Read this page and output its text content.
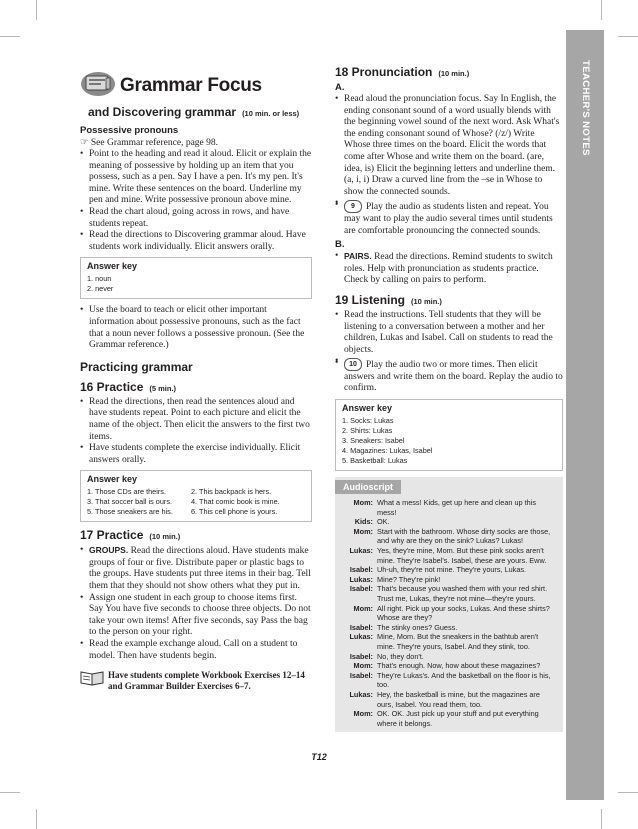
TEACHER'S NOTES
Grammar Focus
and Discovering grammar (10 min. or less)
Possessive pronouns
☞ See Grammar reference, page 98.
• Point to the heading and read it aloud. Elicit or explain the meaning of possessive by holding up an item that you possess, such as a pen. Say I have a pen. It's my pen. It's mine. Write these sentences on the board. Underline my pen and mine. Write possessive pronoun above mine.
• Read the chart aloud, going across in rows, and have students repeat.
• Read the directions to Discovering grammar aloud. Have students work individually. Elicit answers orally.
Answer key
1. noun
2. never
• Use the board to teach or elicit other important information about possessive pronouns, such as the fact that a noun never follows a possessive pronoun. (See the Grammar reference.)
Practicing grammar
16 Practice (5 min.)
• Read the directions, then read the sentences aloud and have students repeat. Point to each picture and elicit the name of the object. Then elicit the answers to the first two items.
• Have students complete the exercise individually. Elicit answers orally.
Answer key
1. Those CDs are theirs.
3. That soccer ball is ours.
5. Those sneakers are his.
2. This backpack is hers.
4. That comic book is mine.
6. This cell phone is yours.
17 Practice (10 min.)
• GROUPS. Read the directions aloud. Have students make groups of four or five. Distribute paper or plastic bags to the groups. Have students put three items in their bag. Tell them that they should not show others what they put in.
• Assign one student in each group to choose items first. Say You have five seconds to choose three objects. Do not take your own items! After five seconds, say Pass the bag to the person on your right.
• Read the example exchange aloud. Call on a student to model. Then have students begin.
Have students complete Workbook Exercises 12–14 and Grammar Builder Exercises 6–7.
18 Pronunciation (10 min.)
A.
• Read aloud the pronunciation focus. Say In English, the ending consonant sound of a word usually blends with the beginning vowel sound of the next word. Ask What's the ending consonant sound of Whose? (/z/) Write Whose three times on the board. Elicit the words that come after Whose and write them on the board. (are, idea, is) Elicit the beginning letters and underline them. (a, i, i) Draw a curved line from the –se in Whose to show the connected sounds.
•
• 9 Play the audio as students listen and repeat. You may want to play the audio several times until students are comfortable pronouncing the connected sounds.
B.
• PAIRS. Read the directions. Remind students to switch roles. Help with pronunciation as students practice. Check by calling on pairs to perform.
19 Listening (10 min.)
• Read the instructions. Tell students that they will be listening to a conversation between a mother and her children, Lukas and Isabel. Call on students to read the objects.
•
• 10 Play the audio two or more times. Then elicit answers and write them on the board. Replay the audio to confirm.
Answer key
1. Socks: Lukas
2. Shirts: Lukas
3. Sneakers: Isabel
4. Magazines: Lukas, Isabel
5. Basketball: Lukas
Audioscript
Mom: What a mess! Kids, get up here and clean up this mess!
Kids: OK.
Mom: Start with the bathroom. Whose dirty socks are those, and why are they on the sink? Lukas? Lukas!
Lukas: Yes, they're mine, Mom. But these pink socks aren't mine. They're Isabel's. Isabel, these are yours. Eww.
Isabel: Uh-uh, they're not mine. They're yours, Lukas.
Lukas: Mine? They're pink!
Isabel: That's because you washed them with your red shirt. Trust me, Lukas, they're not mine—they're yours.
Mom: All right. Pick up your socks, Lukas. And these shirts? Whose are they?
Isabel: The stinky ones? Guess.
Lukas: Mine, Mom. But the sneakers in the bathtub aren't mine. They're yours, Isabel. And they stink, too.
Isabel: No, they don't.
Mom: That's enough. Now, how about these magazines?
Isabel: They're Lukas's. And the basketball on the floor is his, too.
Lukas: Hey, the basketball is mine, but the magazines are ours, Isabel. You read them, too.
Mom: OK. OK. Just pick up your stuff and put everything where it belongs.
T12
